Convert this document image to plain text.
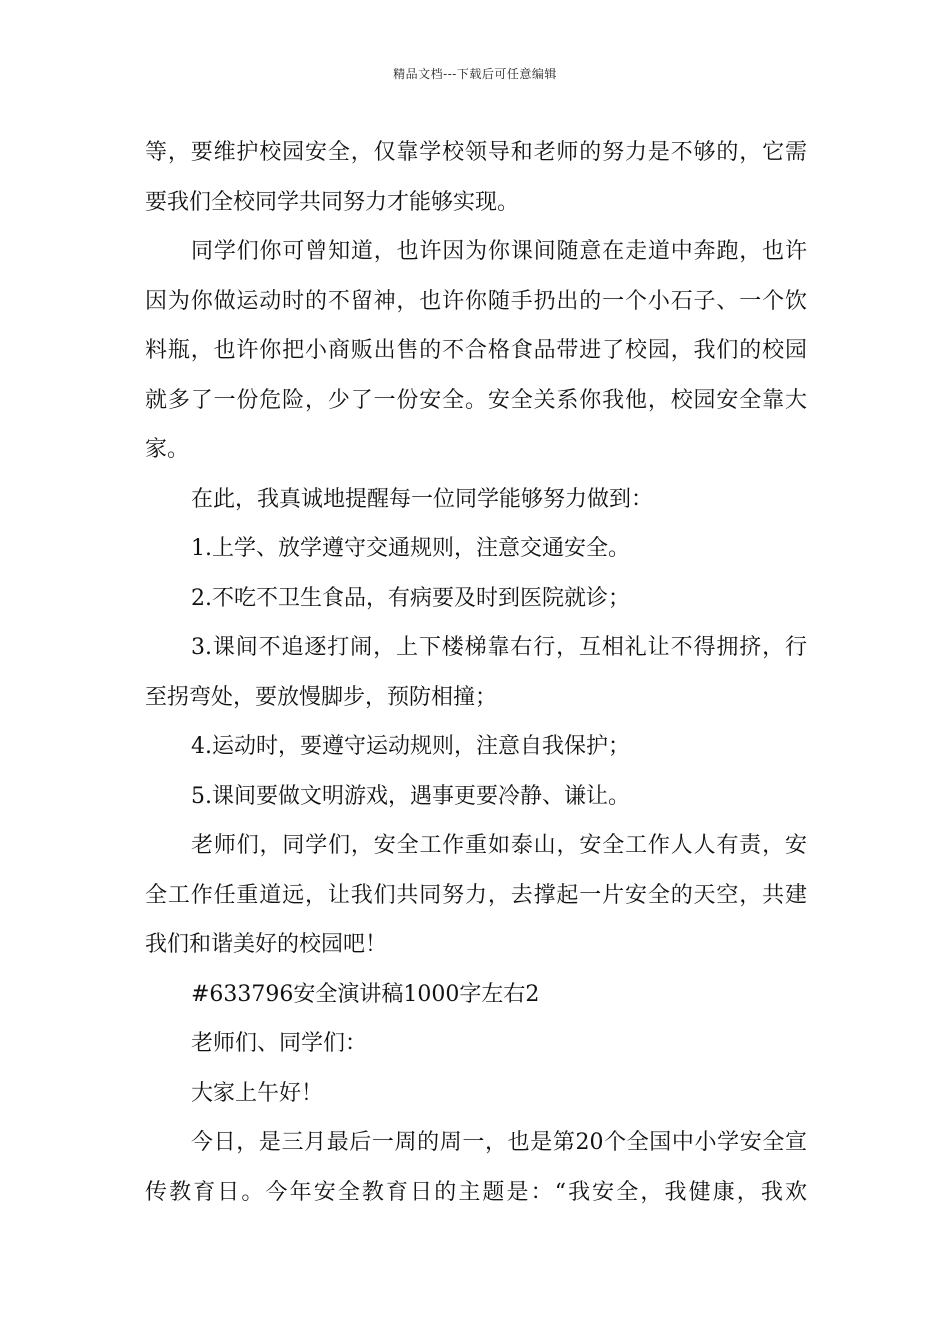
精品文档---下载后可任意编辑
等，要维护校园安全，仅靠学校领导和老师的努力是不够的，它需
要我们全校同学共同努力才能够实现。
同学们你可曾知道，也许因为你课间随意在走道中奔跑，也许
因为你做运动时的不留神，也许你随手扔出的一个小石子、一个饮
料瓶，也许你把小商贩出售的不合格食品带进了校园，我们的校园
就多了一份危险，少了一份安全。安全关系你我他，校园安全靠大
家。
在此，我真诚地提醒每一位同学能够努力做到：
1.上学、放学遵守交通规则，注意交通安全。
2.不吃不卫生食品，有病要及时到医院就诊；
3.课间不追逐打闹，上下楼梯靠右行，互相礼让不得拥挤，行
至拐弯处，要放慢脚步，预防相撞；
4.运动时，要遵守运动规则，注意自我保护；
5.课间要做文明游戏，遇事更要冷静、谦让。
老师们，同学们，安全工作重如泰山，安全工作人人有责，安
全工作任重道远，让我们共同努力，去撑起一片安全的天空，共建
我们和谐美好的校园吧！
#633796安全演讲稿1000字左右2
老师们、同学们：
大家上午好！
今日，是三月最后一周的周一，也是第20个全国中小学安全宣
传教育日。今年安全教育日的主题是：“我安全，我健康，我欢
